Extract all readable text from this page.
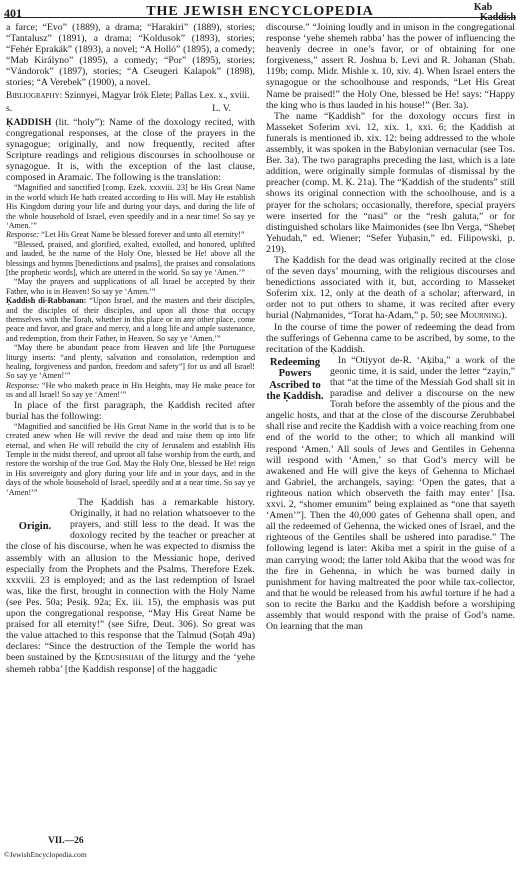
401	THE JEWISH ENCYCLOPEDIA	Kab
Kaddish

a farce; “Evo” (1889), a drama; “Harakiri” (1889), stories; “Tantalusz” (1891), a drama; “Koldusok” (1893), stories; “Fehér Eprakák” (1893), a novel; “A Holló” (1895), a comedy; “Mab Királyno” (1895), a comedy; “Por” (1895), stories; “Vándorok” (1897), stories; “A Cseugeri Kalapok” (1898), stories; “A Verebek” (1900), a novel.

Bibliography: Szinnyei, Magyar Irók Elete; Pallas Lex. x., xviii.

s.	L. V.

ḲADDISH (lit. “holy”): Name of the doxology recited, with congregational responses, at the close of the prayers in the synagogue; originally, and now frequently, recited after Scripture readings and religious discourses in schoolhouse or synagogue. It is, with the exception of the last clause, composed in Aramaic. The following is the translation:

“Magnified and sanctified [comp. Ezek. xxxviii. 23] be His Great Name in the world which He hath created according to His will. May He establish His Kingdom during your life and during your days, and during the life of the whole household of Israel, even speedily and in a near time! So say ye ‘Amen.’”

Response: “Let His Great Name be blessed forever and unto all eternity!”

“Blessed, praised, and glorified, exalted, extolled, and honored, uplifted and lauded, be the name of the Holy One, blessed be He! above all the blessings and hymns [benedictions and psalms], the praises and consolations [the prophetic words], which are uttered in the world. So say ye ‘Amen.’”

“May the prayers and supplications of all Israel be accepted by their Father, who is in Heaven! So say ye ‘Amen.’”

Ḳaddish di-Rabbanan: “Upon Israel, and the masters and their disciples, and the disciples of their disciples, and upon all those that occupy themselves with the Torah, whether in this place or in any other place, come peace and favor, and grace and mercy, and a long life and ample sustenance, and redemption, from their Father, in Heaven. So say ye ‘Amen.’”

“May there be abundant peace from Heaven and life [the Portuguese liturgy inserts: “and plenty, salvation and consolation, redemption and healing, forgiveness and pardon, freedom and safety”] for us and all Israel! So say ye ‘Amen!’”

Response: “He who maketh peace in His Heights, may He make peace for us and all Israel! So say ye ‘Amen!’”

In place of the first paragraph, the Ḳaddish recited after burial has the following:

“Magnified and sanctified be His Great Name in the world that is to be created anew when He will revive the dead and raise them up into life eternal, and when He will rebuild the city of Jerusalem and establish His Temple in the midst thereof, and uproot all false worship from the earth, and restore the worship of the true God. May the Holy One, blessed be He! reign in His sovereignty and glory during your life and in your days, and in the days of the whole household of Israel, speedily and at a near time. So say ye ‘Amen!’”

Origin.

The Ḳaddish has a remarkable history. Originally, it had no relation whatsoever to the prayers, and still less to the dead. It was the doxology recited by the teacher or preacher at the close of his discourse, when he was expected to dismiss the assembly with an allusion to the Messianic hope, derived especially from the Prophets and the Psalms. Therefore Ezek. xxxviii. 23 is employed; and as the last redemption of Israel was, like the first, brought in connection with the Holy Name (see Pes. 50a; Pesiḳ. 92a; Ex. iii. 15), the emphasis was put upon the congregational response, “May His Great Name be praised for all eternity!” (see Sifre, Deut. 306). So great was the value attached to this response that the Talmud (Soṭah 49a) declares: “Since the destruction of the Temple the world has been sustained by the Ḳedushshah of the liturgy and the ‘yehe shemeh rabba’ [the Ḳaddish response] of the haggadic

discourse.” “Joining loudly and in unison in the congregational response ‘yehe shemeh rabba’ has the power of influencing the heavenly decree in one’s favor, or of obtaining for one forgiveness,” assert R. Joshua b. Levi and R. Johanan (Shab. 119b; comp. Midr. Mishle x. 10, xiv. 4). When Israel enters the synagogue or the schoolhouse and responds, “Let His Great Name be praised!” the Holy One, blessed be He! says: “Happy the king who is thus lauded in his house!” (Ber. 3a).

The name “Ḳaddish” for the doxology occurs first in Masseket Soferim xvi. 12, xix. 1, xxi. 6; the Ḳaddish at funerals is mentioned ib. xix. 12: being addressed to the whole assembly, it was spoken in the Babylonian vernacular (see Tos. Ber. 3a). The two paragraphs preceding the last, which is a late addition, were originally simple formulas of dismissal by the preacher (comp. M. Ḳ. 21a). The “Ḳaddish of the students” still shows its original connection with the schoolhouse, and is a prayer for the scholars; occasionally, therefore, special prayers were inserted for the “nasi” or the “resh galuta,” or for distinguished scholars like Maimonides (see Ibn Verga, “Shebeṭ Yehudah,” ed. Wiener; “Sefer Yuḥasin,” ed. Filipowski, p. 219).

The Ḳaddish for the dead was originally recited at the close of the seven days’ mourning, with the religious discourses and benedictions associated with it, but, according to Masseket Soferim xix. 12, only at the death of a scholar; afterward, in order not to put others to shame, it was recited after every burial (Naḥmanides, “Torat ha-Adam,” p. 50; see Mourning).

In the course of time the power of redeeming the dead from the sufferings of Gehenna came to be ascribed, by some, to the recitation of the Ḳaddish.

Redeeming Powers Ascribed to the Ḳaddish.

In “Otiyyot de-R. ‘Aḳiba,” a work of the geonic time, it is said, under the letter “zayin,” that “at the time of the Messiah God shall sit in paradise and deliver a discourse on the new Torah before the assembly of the pious and the angelic hosts, and that at the close of the discourse Zerubbabel shall rise and recite the Ḳaddish with a voice reaching from one end of the world to the other; to which all mankind will respond ‘Amen.’ All souls of Jews and Gentiles in Gehenna will respond with ‘Amen,’ so that God’s mercy will be awakened and He will give the keys of Gehenna to Michael and Gabriel, the archangels, saying: ‘Open the gates, that a righteous nation which observeth the faith may enter’ [Isa. xxvi. 2, “shomer emunim” being explained as “one that sayeth ‘Amen’”]. Then the 40,000 gates of Gehenna shall open, and all the redeemed of Gehenna, the wicked ones of Israel, and the righteous of the Gentiles shall be ushered into paradise.” The following legend is later: Akiba met a spirit in the guise of a man carrying wood; the latter told Akiba that the wood was for the fire in Gehenna, in which he was burned daily in punishment for having maltreated the poor while tax-collector, and that he would be released from his awful torture if he had a son to recite the Barku and the Ḳaddish before a worshiping assembly that would respond with the praise of God’s name. On learning that the man

VII.—26
©JewishEncyclopedia.com
